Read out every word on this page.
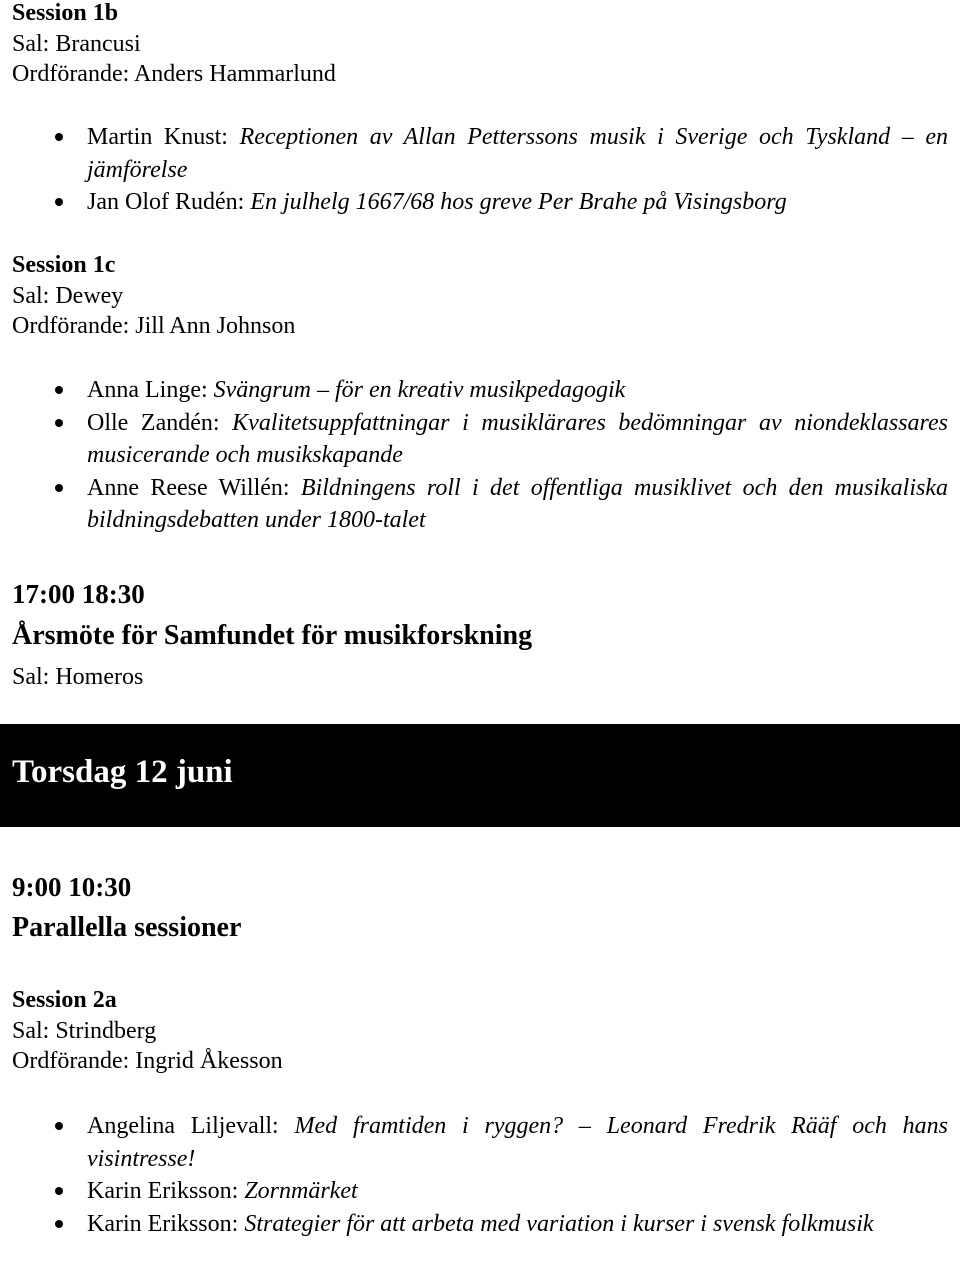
Session 1b
Sal: Brancusi
Ordförande: Anders Hammarlund
Martin Knust: Receptionen av Allan Petterssons musik i Sverige och Tyskland – en jämförelse
Jan Olof Rudén: En julhelg 1667/68 hos greve Per Brahe på Visingsborg
Session 1c
Sal: Dewey
Ordförande: Jill Ann Johnson
Anna Linge: Svängrum – för en kreativ musikpedagogik
Olle Zandén: Kvalitetsuppfattningar i musiklärares bedömningar av niondeklassares musicerande och musikskapande
Anne Reese Willén: Bildningens roll i det offentliga musiklivet och den musikaliska bildningsdebatten under 1800-talet
17:00 18:30
Årsmöte för Samfundet för musikforskning
Sal: Homeros
Torsdag 12 juni
9:00 10:30
Parallella sessioner
Session 2a
Sal: Strindberg
Ordförande: Ingrid Åkesson
Angelina Liljevall: Med framtiden i ryggen? – Leonard Fredrik Rääf och hans visintresse!
Karin Eriksson: Zornmärket
Karin Eriksson: Strategier för att arbeta med variation i kurser i svensk folkmusik
